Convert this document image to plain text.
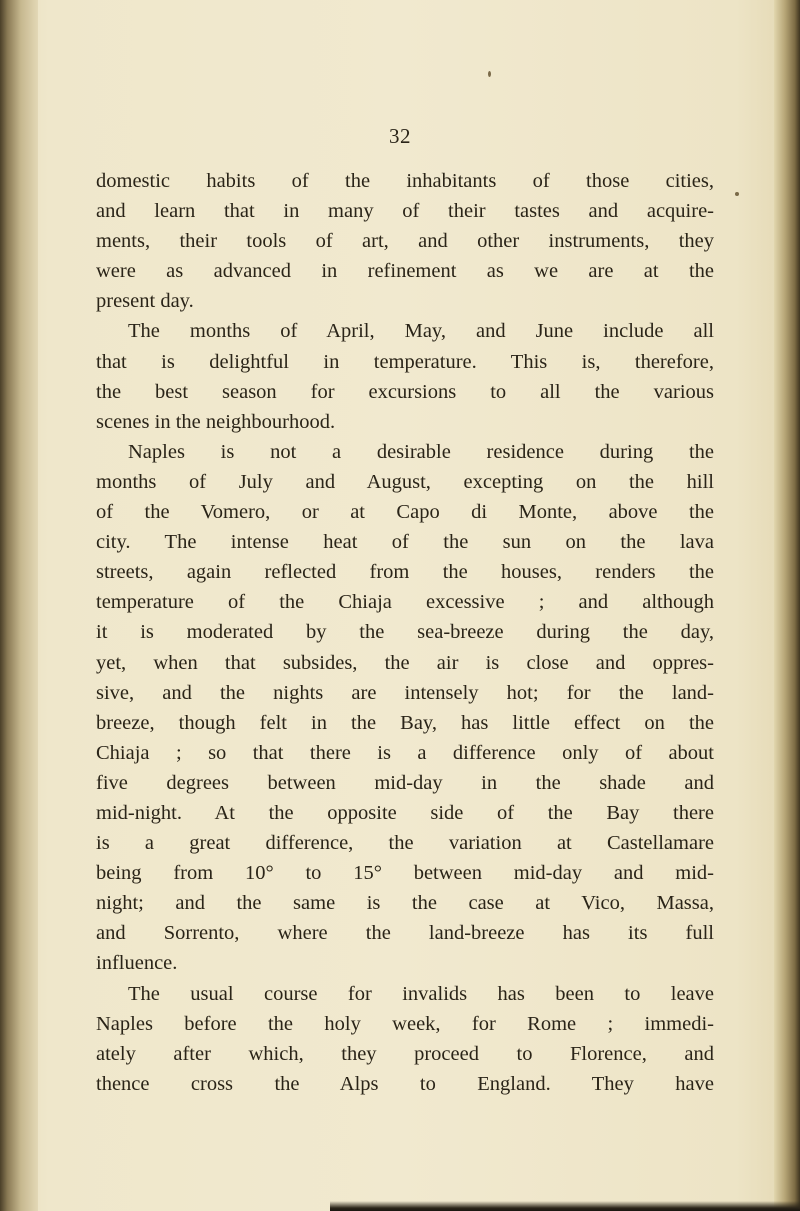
32
domestic habits of the inhabitants of those cities,
and learn that in many of their tastes and acquire-
ments, their tools of art, and other instruments, they
were as advanced in refinement as we are at the
present day.
The months of April, May, and June include all
that is delightful in temperature. This is, therefore,
the best season for excursions to all the various
scenes in the neighbourhood.
Naples is not a desirable residence during the
months of July and August, excepting on the hill
of the Vomero, or at Capo di Monte, above the
city. The intense heat of the sun on the lava
streets, again reflected from the houses, renders the
temperature of the Chiaja excessive ; and although
it is moderated by the sea-breeze during the day,
yet, when that subsides, the air is close and oppres-
sive, and the nights are intensely hot; for the land-
breeze, though felt in the Bay, has little effect on the
Chiaja ; so that there is a difference only of about
five degrees between mid-day in the shade and
mid-night. At the opposite side of the Bay there
is a great difference, the variation at Castellamare
being from 10° to 15° between mid-day and mid-
night; and the same is the case at Vico, Massa,
and Sorrento, where the land-breeze has its full
influence.
The usual course for invalids has been to leave
Naples before the holy week, for Rome ; immedi-
ately after which, they proceed to Florence, and
thence cross the Alps to England. They have
